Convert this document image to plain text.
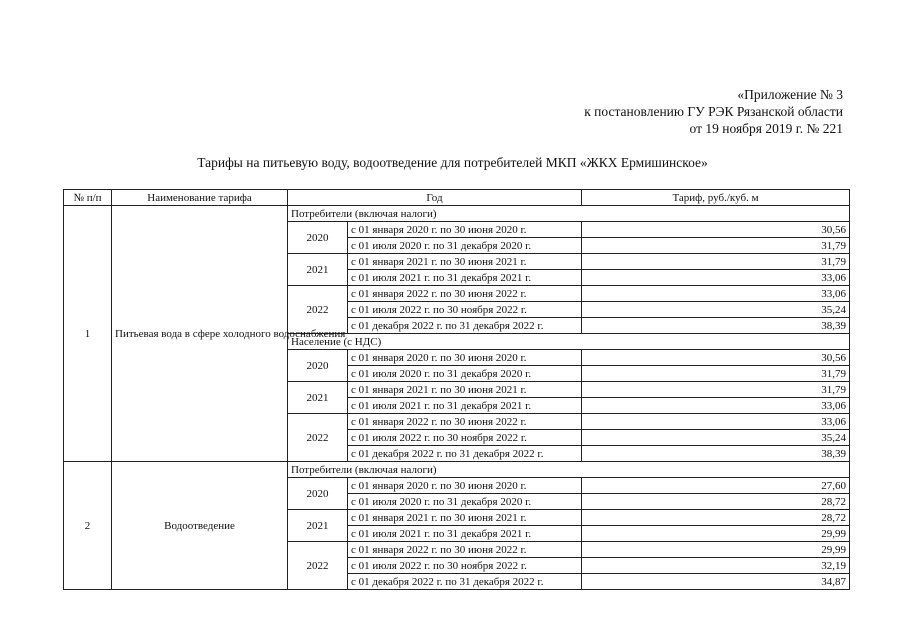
«Приложение № 3
к постановлению ГУ РЭК Рязанской области
от 19 ноября 2019 г. № 221
Тарифы на питьевую воду, водоотведение для потребителей МКП «ЖКХ Ермишинское»
№ п/п	Наименование тарифа	Год		Тариф, руб./куб. м
1	Питьевая вода в сфере холодного водоснабжения	Потребители (включая налоги)		
		2020	с 01 января 2020 г. по 30 июня 2020 г.	30,56
			с 01 июля 2020 г. по 31 декабря 2020 г.	31,79
		2021	с 01 января 2021 г. по 30 июня 2021 г.	31,79
			с 01 июля 2021 г. по 31 декабря 2021 г.	33,06
		2022	с 01 января 2022 г. по 30 июня 2022 г.	33,06
			с 01 июля 2022 г. по 30 ноября 2022 г.	35,24
			с 01 декабря 2022 г. по 31 декабря 2022 г.	38,39
		Население (с НДС)		
		2020	с 01 января 2020 г. по 30 июня 2020 г.	30,56
			с 01 июля 2020 г. по 31 декабря 2020 г.	31,79
		2021	с 01 января 2021 г. по 30 июня 2021 г.	31,79
			с 01 июля 2021 г. по 31 декабря 2021 г.	33,06
		2022	с 01 января 2022 г. по 30 июня 2022 г.	33,06
			с 01 июля 2022 г. по 30 ноября 2022 г.	35,24
			с 01 декабря 2022 г. по 31 декабря 2022 г.	38,39
2	Водоотведение	Потребители (включая налоги)		
		2020	с 01 января 2020 г. по 30 июня 2020 г.	27,60
			с 01 июля 2020 г. по 31 декабря 2020 г.	28,72
		2021	с 01 января 2021 г. по 30 июня 2021 г.	28,72
			с 01 июля 2021 г. по 31 декабря 2021 г.	29,99
		2022	с 01 января 2022 г. по 30 июня 2022 г.	29,99
			с 01 июля 2022 г. по 30 ноября 2022 г.	32,19
			с 01 декабря 2022 г. по 31 декабря 2022 г.	34,87
